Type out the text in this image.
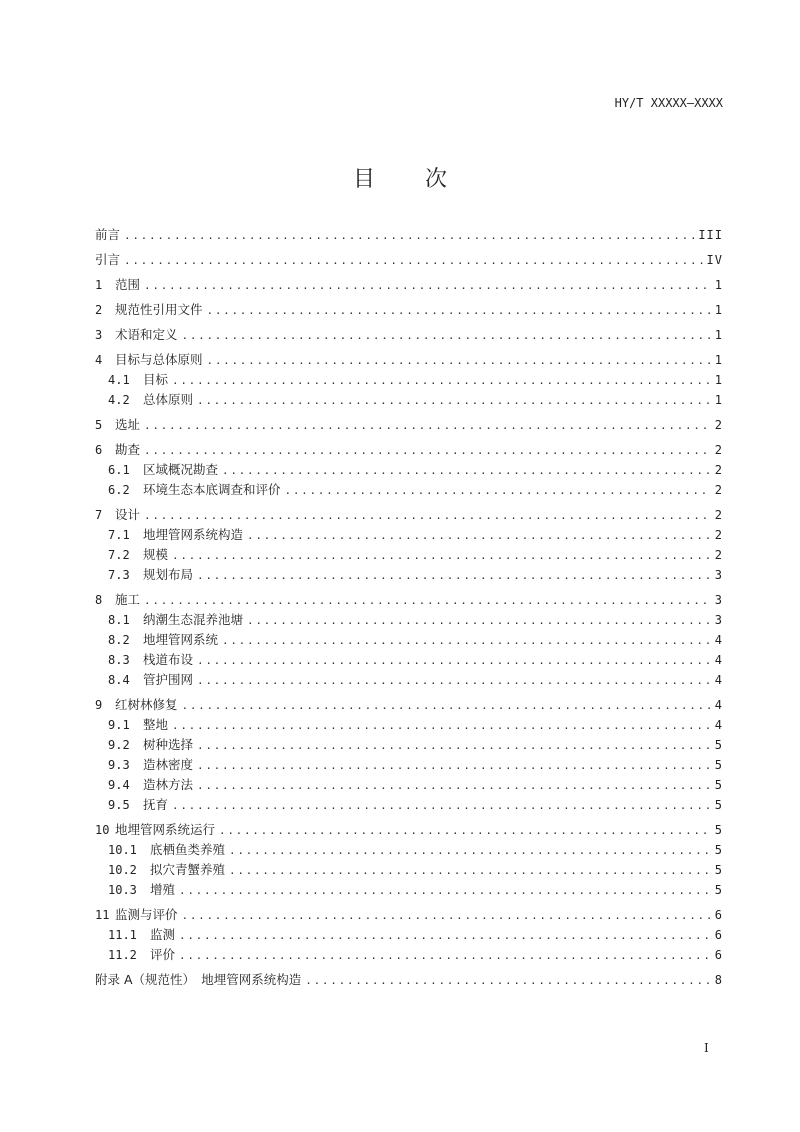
HY/T XXXXX—XXXX
目 次
前言 .....	III
引言 .....	IV
1	范围 .....	1
2	规范性引用文件 .....	1
3	术语和定义 .....	1
4	目标与总体原则 .....	1
4.1	目标 .....	1
4.2	总体原则 .....	1
5	选址 .....	2
6	勘查 .....	2
6.1	区域概况勘查 .....	2
6.2	环境生态本底调查和评价 .....	2
7	设计 .....	2
7.1	地埋管网系统构造 .....	2
7.2	规模 .....	2
7.3	规划布局 .....	3
8	施工 .....	3
8.1	纳潮生态混养池塘 .....	3
8.2	地埋管网系统 .....	4
8.3	栈道布设 .....	4
8.4	管护围网 .....	4
9	红树林修复 .....	4
9.1	整地 .....	4
9.2	树种选择 .....	5
9.3	造林密度 .....	5
9.4	造林方法 .....	5
9.5	抚育 .....	5
10 地埋管网系统运行 .....	5
10.1	底栖鱼类养殖 .....	5
10.2	拟穴青蟹养殖 .....	5
10.3	增殖 .....	5
11 监测与评价 .....	6
11.1	监测 .....	6
11.2	评价 .....	6
附录 A（规范性）　地埋管网系统构造 .....	8
I
